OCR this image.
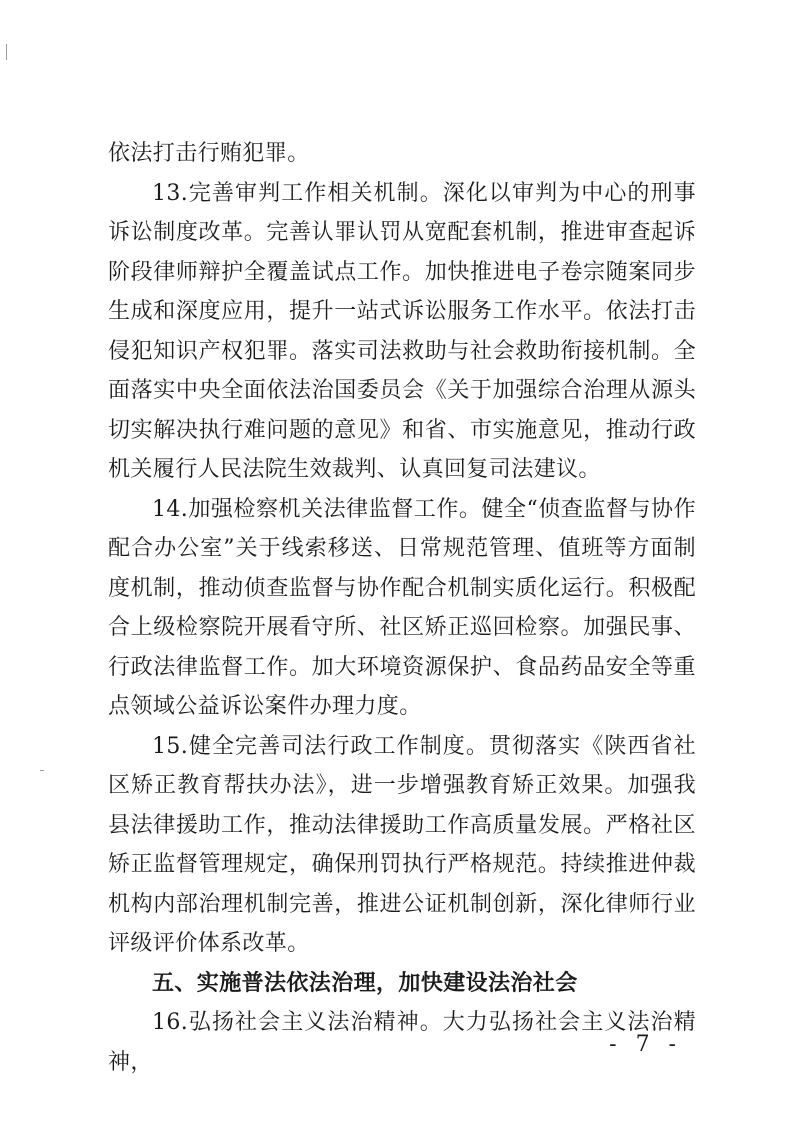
依法打击行贿犯罪。

13.完善审判工作相关机制。深化以审判为中心的刑事诉讼制度改革。完善认罪认罚从宽配套机制，推进审查起诉阶段律师辩护全覆盖试点工作。加快推进电子卷宗随案同步生成和深度应用，提升一站式诉讼服务工作水平。依法打击侵犯知识产权犯罪。落实司法救助与社会救助衔接机制。全面落实中央全面依法治国委员会《关于加强综合治理从源头切实解决执行难问题的意见》和省、市实施意见，推动行政机关履行人民法院生效裁判、认真回复司法建议。

14.加强检察机关法律监督工作。健全“侦查监督与协作配合办公室”关于线索移送、日常规范管理、值班等方面制度机制，推动侦查监督与协作配合机制实质化运行。积极配合上级检察院开展看守所、社区矫正巡回检察。加强民事、行政法律监督工作。加大环境资源保护、食品药品安全等重点领域公益诉讼案件办理力度。

15.健全完善司法行政工作制度。贯彻落实《陕西省社区矫正教育帮扶办法》，进一步增强教育矫正效果。加强我县法律援助工作，推动法律援助工作高质量发展。严格社区矫正监督管理规定，确保刑罚执行严格规范。持续推进仲裁机构内部治理机制完善，推进公证机制创新，深化律师行业评级评价体系改革。

五、实施普法依法治理，加快建设法治社会

16.弘扬社会主义法治精神。大力弘扬社会主义法治精神，

- 7 -
